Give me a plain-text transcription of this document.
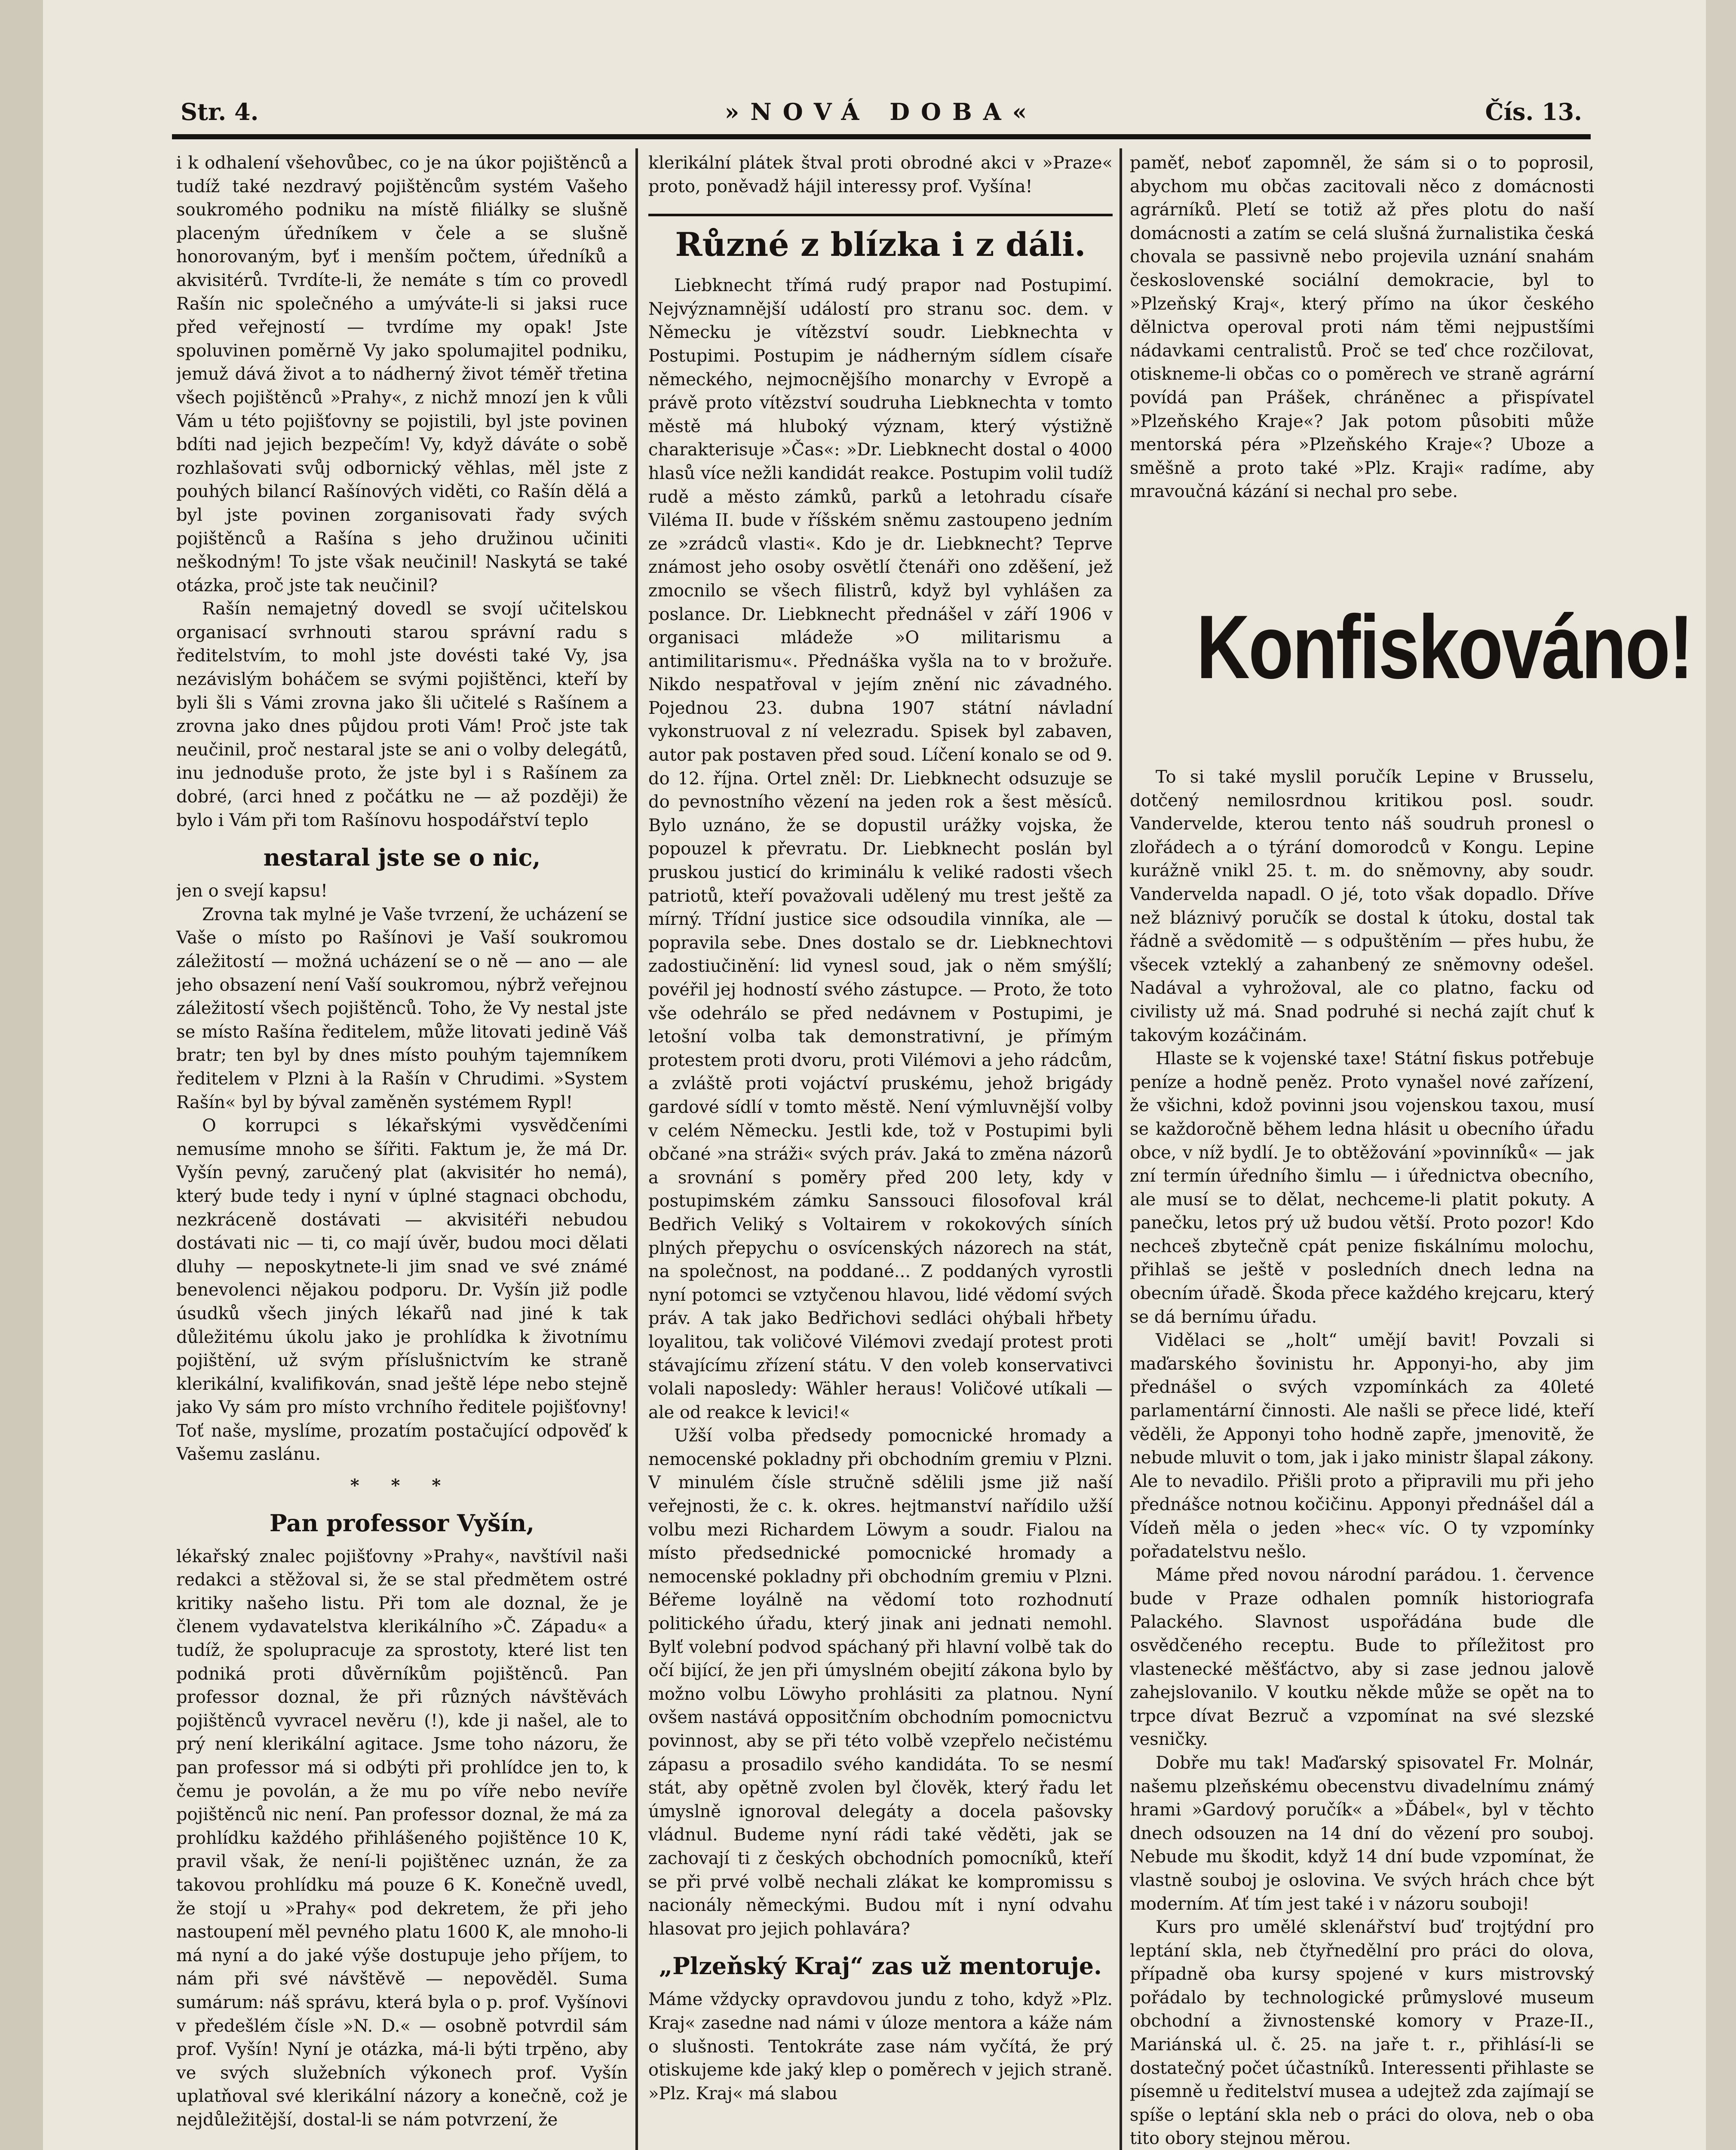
Str. 4.	»NOVÁ DOBA«	Čís. 13.

i k odhalení všehovůbec, co je na úkor pojištěnců a tudíž také nezdravý pojištěncům systém Vašeho soukromého podniku na místě filiálky se slušně placeným úředníkem v čele a se slušně honorovaným, byť i menším počtem, úředníků a akvisitérů. Tvrdíte-li, že nemáte s tím co provedl Rašín nic společného a umýváte-li si jaksi ruce před veřejností — tvrdíme my opak! Jste spoluvinen poměrně Vy jako spolumajitel podniku, jemuž dává život a to nádherný život téměř třetina všech pojištěnců »Prahy«, z nichž mnozí jen k vůli Vám u této pojišťovny se pojistili, byl jste povinen bdíti nad jejich bezpečím! Vy, když dáváte o sobě rozhlašovati svůj odbornický věhlas, měl jste z pouhých bilancí Rašínových viděti, co Rašín dělá a byl jste povinen zorganisovati řady svých pojištěnců a Rašína s jeho družinou učiniti neškodným! To jste však neučinil! Naskytá se také otázka, proč jste tak neučinil?

Rašín nemajetný dovedl se svojí učitelskou organisací svrhnouti starou správní radu s ředitelstvím, to mohl jste dovésti také Vy, jsa nezávislým boháčem se svými pojištěnci, kteří by byli šli s Vámi zrovna jako šli učitelé s Rašínem a zrovna jako dnes půjdou proti Vám! Proč jste tak neučinil, proč nestaral jste se ani o volby delegátů, inu jednoduše proto, že jste byl i s Rašínem za dobré, (arci hned z počátku ne — až později) že bylo i Vám při tom Rašínovu hospodářství teplo

nestaral jste se o nic,

jen o svejí kapsu!

Zrovna tak mylné je Vaše tvrzení, že ucházení se Vaše o místo po Rašínovi je Vaší soukromou záležitostí — možná ucházení se o ně — ano — ale jeho obsazení není Vaší soukromou, nýbrž veřejnou záležitostí všech pojištěnců. Toho, že Vy nestal jste se místo Rašína ředitelem, může litovati jedině Váš bratr; ten byl by dnes místo pouhým tajemníkem ředitelem v Plzni à la Rašín v Chrudimi. »System Rašín« byl by býval zaměněn systémem Rypl!

O korrupci s lékařskými vysvědčeními nemusíme mnoho se šířiti. Faktum je, že má Dr. Vyšín pevný, zaručený plat (akvisitér ho nemá), který bude tedy i nyní v úplné stagnaci obchodu, nezkráceně dostávati — akvisitéři nebudou dostávati nic — ti, co mají úvěr, budou moci dělati dluhy — neposkytnete-li jim snad ve své známé benevolenci nějakou podporu. Dr. Vyšín již podle úsudků všech jiných lékařů nad jiné k tak důležitému úkolu jako je prohlídka k životnímu pojištění, už svým příslušnictvím ke straně klerikální, kvalifikován, snad ještě lépe nebo stejně jako Vy sám pro místo vrchního ředitele pojišťovny! Toť naše, myslíme, prozatím postačující odpověď k Vašemu zaslánu.

* * *
Pan professor Vyšín,

lékařský znalec pojišťovny »Prahy«, navštívil naši redakci a stěžoval si, že se stal předmětem ostré kritiky našeho listu. Při tom ale doznal, že je členem vydavatelstva klerikálního »Č. Západu« a tudíž, že spolupracuje za sprostoty, které list ten podniká proti důvěrníkům pojištěnců. Pan professor doznal, že při různých návštěvách pojištěnců vyvracel nevěru (!), kde ji našel, ale to prý není klerikální agitace. Jsme toho názoru, že pan professor má si odbýti při prohlídce jen to, k čemu je povolán, a že mu po víře nebo nevíře pojištěnců nic není. Pan professor doznal, že má za prohlídku každého přihlášeného pojištěnce 10 K, pravil však, že není-li pojištěnec uznán, že za takovou prohlídku má pouze 6 K. Konečně uvedl, že stojí u »Prahy« pod dekretem, že při jeho nastoupení měl pevného platu 1600 K, ale mnoho-li má nyní a do jaké výše dostupuje jeho příjem, to nám při své návštěvě — nepověděl. Suma sumárum: náš správu, která byla o p. prof. Vyšínovi v předešlém čísle »N. D.« — osobně potvrdil sám prof. Vyšín! Nyní je otázka, má-li býti trpěno, aby ve svých služebních výkonech prof. Vyšín uplatňoval své klerikální názory a konečně, což je nejdůležitější, dostal-li se nám potvrzení, že

klerikální plátek štval proti obrodné akci v »Praze« proto, poněvadž hájil interessy prof. Vyšína!

Různé z blízka i z dáli.

Liebknecht třímá rudý prapor nad Postupimí. Nejvýznamnější událostí pro stranu soc. dem. v Německu je vítězství soudr. Liebknechta v Postupimi. Postupim je nádherným sídlem císaře německého, nejmocnějšího monarchy v Evropě a právě proto vítězství soudruha Liebknechta v tomto městě má hluboký význam, který výstižně charakterisuje »Čas«: »Dr. Liebknecht dostal o 4000 hlasů více nežli kandidát reakce. Postupim volil tudíž rudě a město zámků, parků a letohradu císaře Viléma II. bude v říšském sněmu zastoupeno jedním ze »zrádců vlasti«. Kdo je dr. Liebknecht? Teprve známost jeho osoby osvětlí čtenáři ono zděšení, jež zmocnilo se všech filistrů, když byl vyhlášen za poslance. Dr. Liebknecht přednášel v září 1906 v organisaci mládeže »O militarismu a antimilitarismu«. Přednáška vyšla na to v brožuře. Nikdo nespatřoval v jejím znění nic závadného. Pojednou 23. dubna 1907 státní návladní vykonstruoval z ní velezradu. Spisek byl zabaven, autor pak postaven před soud. Líčení konalo se od 9. do 12. října. Ortel zněl: Dr. Liebknecht odsuzuje se do pevnostního vězení na jeden rok a šest měsíců. Bylo uznáno, že se dopustil urážky vojska, že popouzel k převratu. Dr. Liebknecht poslán byl pruskou justicí do kriminálu k veliké radosti všech patriotů, kteří považovali udělený mu trest ještě za mírný. Třídní justice sice odsoudila vinníka, ale — popravila sebe. Dnes dostalo se dr. Liebknechtovi zadostiučinění: lid vynesl soud, jak o něm smýšlí; povéřil jej hodností svého zástupce. — Proto, že toto vše odehrálo se před nedávnem v Postupimi, je letošní volba tak demonstrativní, je přímým protestem proti dvoru, proti Vilémovi a jeho rádcům, a zvláště proti vojáctví pruskému, jehož brigády gardové sídlí v tomto městě. Není výmluvnější volby v celém Německu. Jestli kde, tož v Postupimi byli občané »na stráži« svých práv. Jaká to změna názorů a srovnání s poměry před 200 lety, kdy v postupimském zámku Sanssouci filosofoval král Bedřich Veliký s Voltairem v rokokových síních plných přepychu o osvícenských názorech na stát, na společnost, na poddané... Z poddaných vyrostli nyní potomci se vztyčenou hlavou, lidé vědomí svých práv. A tak jako Bedřichovi sedláci ohýbali hřbety loyalitou, tak voličové Vilémovi zvedají protest proti stávajícímu zřízení státu. V den voleb konservativci volali naposledy: Wähler heraus! Voličové utíkali — ale od reakce k levici!«

Užší volba předsedy pomocnické hromady a nemocenské pokladny při obchodním gremiu v Plzni. V minulém čísle stručně sdělili jsme již naší veřejnosti, že c. k. okres. hejtmanství nařídilo užší volbu mezi Richardem Löwym a soudr. Fialou na místo předsednické pomocnické hromady a nemocenské pokladny při obchodním gremiu v Plzni. Béřeme loyálně na vědomí toto rozhodnutí politického úřadu, který jinak ani jednati nemohl. Bylť volební podvod spáchaný při hlavní volbě tak do očí bijící, že jen při úmyslném obejití zákona bylo by možno volbu Löwyho prohlásiti za platnou. Nyní ovšem nastává oppositčním obchodním pomocnictvu povinnost, aby se při této volbě vzepřelo nečistému zápasu a prosadilo svého kandidáta. To se nesmí stát, aby opětně zvolen byl člověk, který řadu let úmyslně ignoroval delegáty a docela pašovsky vládnul. Budeme nyní rádi také věděti, jak se zachovají ti z českých obchodních pomocníků, kteří se při prvé volbě nechali zlákat ke kompromissu s nacionály německými. Budou mít i nyní odvahu hlasovat pro jejich pohlavára?

„Plzeňský Kraj“ zas už mentoruje.

Máme vždycky opravdovou jundu z toho, když »Plz. Kraj« zasedne nad námi v úloze mentora a káže nám o slušnosti. Tentokráte zase nám vyčítá, že prý otiskujeme kde jaký klep o poměrech v jejich straně. »Plz. Kraj« má slabou

paměť, neboť zapomněl, že sám si o to poprosil, abychom mu občas zacitovali něco z domácnosti agrárníků. Pletí se totiž až přes plotu do naší domácnosti a zatím se celá slušná žurnalistika česká chovala se passivně nebo projevila uznání snahám československé sociální demokracie, byl to »Plzeňský Kraj«, který přímo na úkor českého dělnictva operoval proti nám těmi nejpustšími nádavkami centralistů. Proč se teď chce rozčilovat, otiskneme-li občas co o poměrech ve straně agrární povídá pan Prášek, chráněnec a přispívatel »Plzeňského Kraje«? Jak potom působiti může mentorská péra »Plzeňského Kraje«? Uboze a směšně a proto také »Plz. Kraji« radíme, aby mravoučná kázání si nechal pro sebe.

Konfiskováno!

To si také myslil poručík Lepine v Brusselu, dotčený nemilosrdnou kritikou posl. soudr. Vandervelde, kterou tento náš soudruh pronesl o zlořádech a o týrání domorodců v Kongu. Lepine kurážně vnikl 25. t. m. do sněmovny, aby soudr. Vandervelda napadl. O jé, toto však dopadlo. Dříve než bláznivý poručík se dostal k útoku, dostal tak řádně a svědomitě — s odpuštěním — přes hubu, že všecek vzteklý a zahanbený ze sněmovny odešel. Nadával a vyhrožoval, ale co platno, facku od civilisty už má. Snad podruhé si nechá zajít chuť k takovým kozáčinám.

Hlaste se k vojenské taxe! Státní fiskus potřebuje peníze a hodně peněz. Proto vynašel nové zařízení, že všichni, kdož povinni jsou vojenskou taxou, musí se každoročně během ledna hlásit u obecního úřadu obce, v níž bydlí. Je to obtěžování »povinníků« — jak zní termín úředního šimlu — i úřednictva obecního, ale musí se to dělat, nechceme-li platit pokuty. A panečku, letos prý už budou větší. Proto pozor! Kdo nechceš zbytečně cpát penize fiskálnímu molochu, přihlaš se ještě v posledních dnech ledna na obecním úřadě. Škoda přece každého krejcaru, který se dá bernímu úřadu.

Vidělaci se „holt“ umějí bavit! Povzali si maďarského šovinistu hr. Apponyi-ho, aby jim přednášel o svých vzpomínkách za 40leté parlamentární činnosti. Ale našli se přece lidé, kteří věděli, že Apponyi toho hodně zapře, jmenovitě, že nebude mluvit o tom, jak i jako ministr šlapal zákony. Ale to nevadilo. Přišli proto a připravili mu při jeho přednášce notnou kočičinu. Apponyi přednášel dál a Vídeň měla o jeden »hec« víc. O ty vzpomínky pořadatelstvu nešlo.

Máme před novou národní parádou. 1. července bude v Praze odhalen pomník historiografa Palackého. Slavnost uspořádána bude dle osvědčeného receptu. Bude to příležitost pro vlastenecké měšťáctvo, aby si zase jednou jalově zahejslovanilo. V koutku někde může se opět na to trpce dívat Bezruč a vzpomínat na své slezské vesničky.

Dobře mu tak! Maďarský spisovatel Fr. Molnár, našemu plzeňskému obecenstvu divadelnímu známý hrami »Gardový poručík« a »Ďábel«, byl v těchto dnech odsouzen na 14 dní do vězení pro souboj. Nebude mu škodit, když 14 dní bude vzpomínat, že vlastně souboj je oslovina. Ve svých hrách chce být moderním. Ať tím jest také i v názoru souboji!

Kurs pro umělé sklenářství buď trojtýdní pro leptání skla, neb čtyřnedělní pro práci do olova, případně oba kursy spojené v kurs mistrovský pořádalo by technologické průmyslové museum obchodní a živnostenské komory v Praze-II., Mariánská ul. č. 25. na jaře t. r., přihlásí-li se dostatečný počet účastníků. Interessenti přihlaste se písemně u ředitelství musea a udejtež zda zajímají se spíše o leptání skla neb o práci do olova, neb o oba tito obory stejnou měrou.
